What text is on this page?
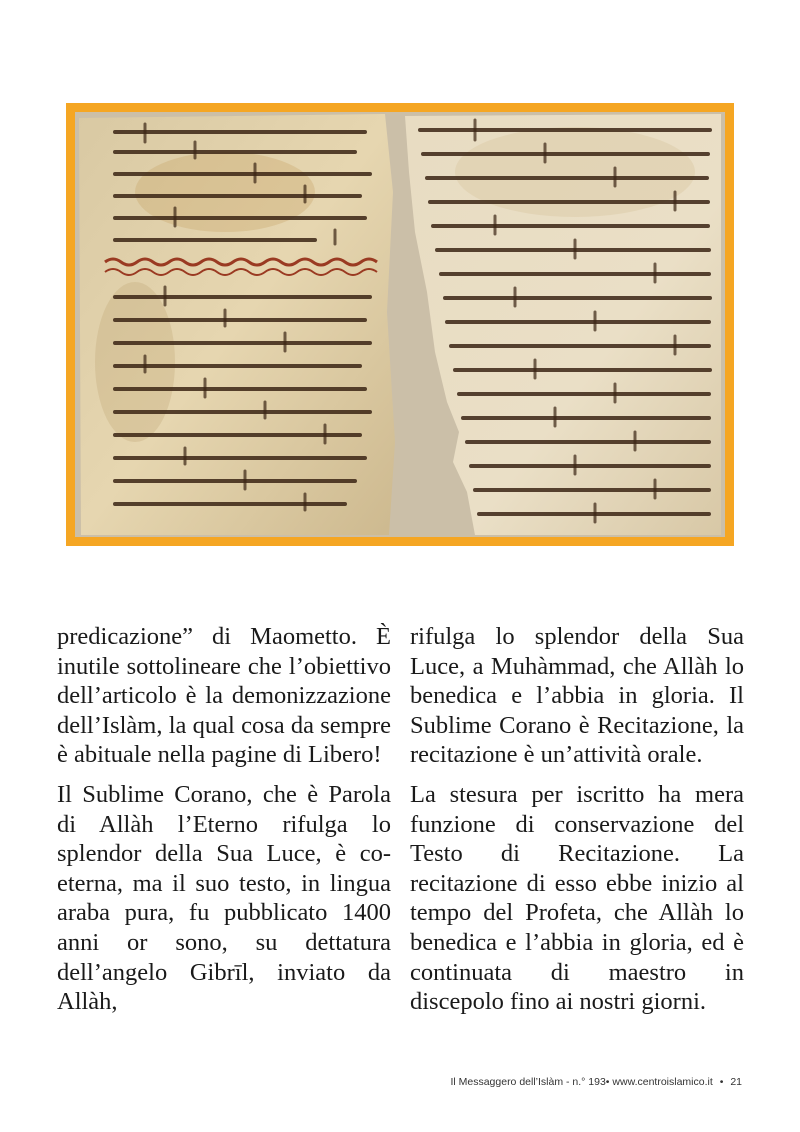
predicazione” di Maometto. È inutile sottolineare che l’obiettivo dell’articolo è la demonizzazione dell’Islàm, la qual cosa da sempre è abituale nella pagine di Libero!

Il Sublime Corano, che è Parola di Allàh l’Eterno rifulga lo splendor della Sua Luce, è co-eterna, ma il suo testo, in lingua araba pura, fu pubblicato 1400 anni or sono, su dettatura dell’angelo Gibrīl, inviato da Allàh,

rifulga lo splendor della Sua Luce, a Muhàmmad, che Allàh lo benedica e l’abbia in gloria. Il Sublime Corano è Recitazione, la recitazione è un’attività orale.

La stesura per iscritto ha mera funzione di conservazione del Testo di Recitazione. La recitazione di esso ebbe inizio al tempo del Profeta, che Allàh lo benedica e l’abbia in gloria, ed è continuata di maestro in discepolo fino ai nostri giorni.

Il Messaggero dell’Islàm - n.° 193• www.centroislamico.it • 21
